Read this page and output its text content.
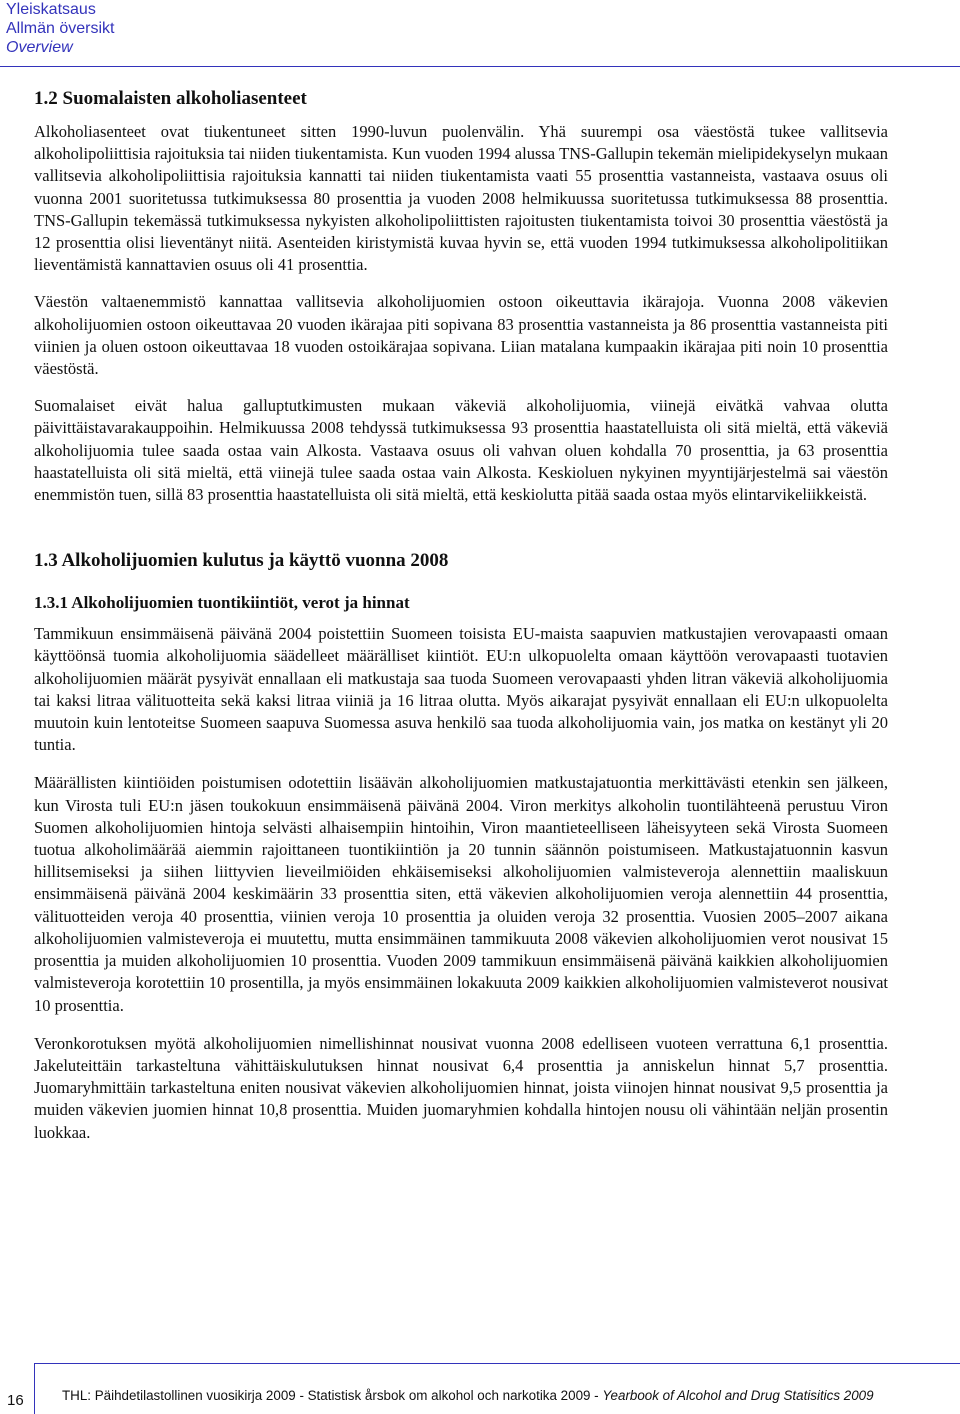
Yleiskatsaus
Allmän översikt
Overview
1.2 Suomalaisten alkoholiasenteet

Alkoholiasenteet ovat tiukentuneet sitten 1990-luvun puolenvälin. Yhä suurempi osa väestöstä tukee vallitsevia alkoholipoliittisia rajoituksia tai niiden tiukentamista. Kun vuoden 1994 alussa TNS-Gallupin tekemän mielipidekyselyn mukaan vallitsevia alkoholipoliittisia rajoituksia kannatti tai niiden tiukentamista vaati 55 prosenttia vastanneista, vastaava osuus oli vuonna 2001 suoritetussa tutkimuksessa 80 prosenttia ja vuoden 2008 helmikuussa suoritetussa tutkimuksessa 88 prosenttia. TNS-Gallupin tekemässä tutkimuksessa nykyisten alkoholipoliittisten rajoitusten tiukentamista toivoi 30 prosenttia väestöstä ja 12 prosenttia olisi lieventänyt niitä. Asenteiden kiristymistä kuvaa hyvin se, että vuoden 1994 tutkimuksessa alkoholipolitiikan lieventämistä kannattavien osuus oli 41 prosenttia.

Väestön valtaenemmistö kannattaa vallitsevia alkoholijuomien ostoon oikeuttavia ikärajoja. Vuonna 2008 väkevien alkoholijuomien ostoon oikeuttavaa 20 vuoden ikärajaa piti sopivana 83 prosenttia vastanneista ja 86 prosenttia vastanneista piti viinien ja oluen ostoon oikeuttavaa 18 vuoden ostoikärajaa sopivana. Liian matalana kumpaakin ikärajaa piti noin 10 prosenttia väestöstä.

Suomalaiset eivät halua galluptutkimusten mukaan väkeviä alkoholijuomia, viinejä eivätkä vahvaa olutta päivittäistavarakauppoihin. Helmikuussa 2008 tehdyssä tutkimuksessa 93 prosenttia haastatelluista oli sitä mieltä, että väkeviä alkoholijuomia tulee saada ostaa vain Alkosta. Vastaava osuus oli vahvan oluen kohdalla 70 prosenttia, ja 63 prosenttia haastatelluista oli sitä mieltä, että viinejä tulee saada ostaa vain Alkosta. Keskioluen nykyinen myyntijärjestelmä sai väestön enemmistön tuen, sillä 83 prosenttia haastatelluista oli sitä mieltä, että keskiolutta pitää saada ostaa myös elintarvikeliikkeistä.

1.3 Alkoholijuomien kulutus ja käyttö vuonna 2008
1.3.1 Alkoholijuomien tuontikiintiöt, verot ja hinnat

Tammikuun ensimmäisenä päivänä 2004 poistettiin Suomeen toisista EU-maista saapuvien matkustajien verovapaasti omaan käyttöönsä tuomia alkoholijuomia säädelleet määrälliset kiintiöt. EU:n ulkopuolelta omaan käyttöön verovapaasti tuotavien alkoholijuomien määrät pysyivät ennallaan eli matkustaja saa tuoda Suomeen verovapaasti yhden litran väkeviä alkoholijuomia tai kaksi litraa välituotteita sekä kaksi litraa viiniä ja 16 litraa olutta. Myös aikarajat pysyivät ennallaan eli EU:n ulkopuolelta muutoin kuin lentoteitse Suomeen saapuva Suomessa asuva henkilö saa tuoda alkoholijuomia vain, jos matka on kestänyt yli 20 tuntia.

Määrällisten kiintiöiden poistumisen odotettiin lisäävän alkoholijuomien matkustajatuontia merkittävästi etenkin sen jälkeen, kun Virosta tuli EU:n jäsen toukokuun ensimmäisenä päivänä 2004. Viron merkitys alkoholin tuontilähteenä perustuu Viron Suomen alkoholijuomien hintoja selvästi alhaisempiin hintoihin, Viron maantieteelliseen läheisyyteen sekä Virosta Suomeen tuotua alkoholimäärää aiemmin rajoittaneen tuontikiintiön ja 20 tunnin säännön poistumiseen. Matkustajatuonnin kasvun hillitsemiseksi ja siihen liittyvien lieveilmiöiden ehkäisemiseksi alkoholijuomien valmisteveroja alennettiin maaliskuun ensimmäisenä päivänä 2004 keskimäärin 33 prosenttia siten, että väkevien alkoholijuomien veroja alennettiin 44 prosenttia, välituotteiden veroja 40 prosenttia, viinien veroja 10 prosenttia ja oluiden veroja 32 prosenttia. Vuosien 2005–2007 aikana alkoholijuomien valmisteveroja ei muutettu, mutta ensimmäinen tammikuuta 2008 väkevien alkoholijuomien verot nousivat 15 prosenttia ja muiden alkoholijuomien 10 prosenttia. Vuoden 2009 tammikuun ensimmäisenä päivänä kaikkien alkoholijuomien valmisteveroja korotettiin 10 prosentilla, ja myös ensimmäinen lokakuuta 2009 kaikkien alkoholijuomien valmisteverot nousivat 10 prosenttia.

Veronkorotuksen myötä alkoholijuomien nimellishinnat nousivat vuonna 2008 edelliseen vuoteen verrattuna 6,1 prosenttia. Jakeluteittäin tarkasteltuna vähittäiskulutuksen hinnat nousivat 6,4 prosenttia ja anniskelun hinnat 5,7 prosenttia. Juomaryhmittäin tarkasteltuna eniten nousivat väkevien alkoholijuomien hinnat, joista viinojen hinnat nousivat 9,5 prosenttia ja muiden väkevien juomien hinnat 10,8 prosenttia. Muiden juomaryhmien kohdalla hintojen nousu oli vähintään neljän prosentin luokkaa.

16	THL: Päihdetilastollinen vuosikirja 2009 - Statistisk årsbok om alkohol och narkotika 2009 - Yearbook of Alcohol and Drug Statisitics 2009
